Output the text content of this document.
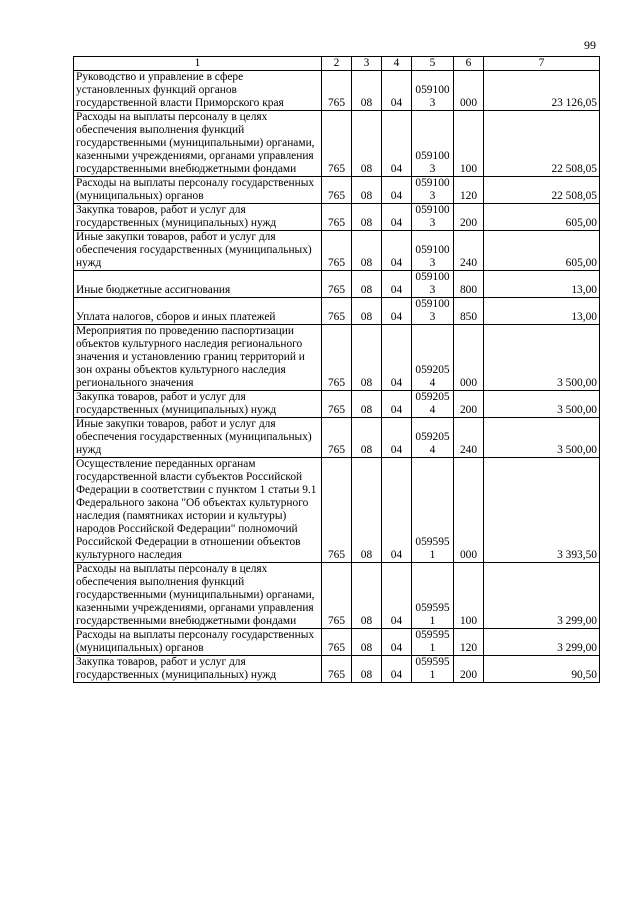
99
1	2	3	4	5	6	7
Руководство и управление в сфере установленных функций органов государственной власти Приморского края	765	08	04	0591003	000	23 126,05
Расходы на выплаты персоналу в целях обеспечения выполнения функций государственными (муниципальными) органами, казенными учреждениями, органами управления государственными внебюджетными фондами	765	08	04	0591003	100	22 508,05
Расходы на выплаты персоналу государственных (муниципальных) органов	765	08	04	0591003	120	22 508,05
Закупка товаров, работ и услуг для государственных (муниципальных) нужд	765	08	04	0591003	200	605,00
Иные закупки товаров, работ и услуг для обеспечения государственных (муниципальных) нужд	765	08	04	0591003	240	605,00
Иные бюджетные ассигнования	765	08	04	0591003	800	13,00
Уплата налогов, сборов и иных платежей	765	08	04	0591003	850	13,00
Мероприятия по проведению паспортизации объектов культурного наследия регионального значения и установлению границ территорий и зон охраны объектов культурного наследия регионального значения	765	08	04	0592054	000	3 500,00
Закупка товаров, работ и услуг для государственных (муниципальных) нужд	765	08	04	0592054	200	3 500,00
Иные закупки товаров, работ и услуг для обеспечения государственных (муниципальных) нужд	765	08	04	0592054	240	3 500,00
Осуществление переданных органам государственной власти субъектов Российской Федерации в соответствии с пунктом 1 статьи 9.1 Федерального закона "Об объектах культурного наследия (памятниках истории и культуры) народов Российской Федерации" полномочий Российской Федерации в отношении объектов культурного наследия	765	08	04	0595951	000	3 393,50
Расходы на выплаты персоналу в целях обеспечения выполнения функций государственными (муниципальными) органами, казенными учреждениями, органами управления государственными внебюджетными фондами	765	08	04	0595951	100	3 299,00
Расходы на выплаты персоналу государственных (муниципальных) органов	765	08	04	0595951	120	3 299,00
Закупка товаров, работ и услуг для государственных (муниципальных) нужд	765	08	04	0595951	200	90,50
